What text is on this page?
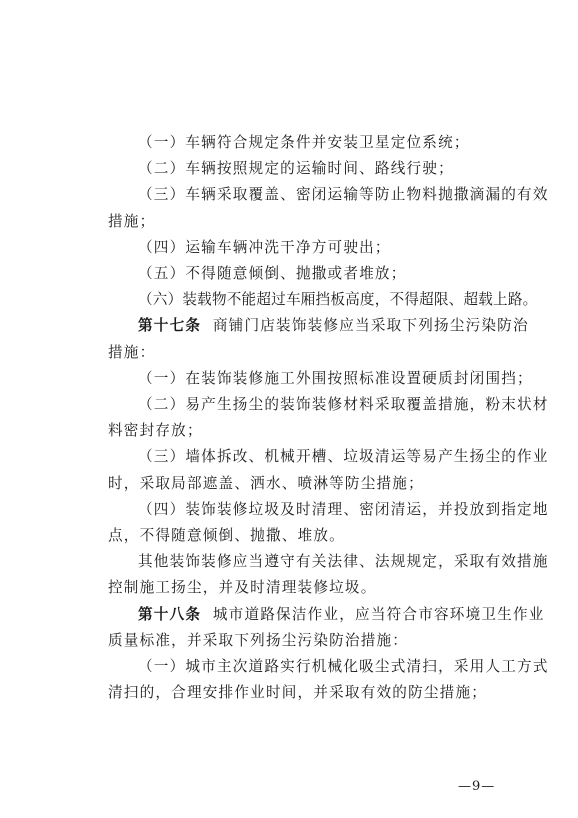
—9—
（一）车辆符合规定条件并安装卫星定位系统；
（二）车辆按照规定的运输时间、路线行驶；
（三）车辆采取覆盖、密闭运输等防止物料抛撒滴漏的有效
措施；
（四）运输车辆冲洗干净方可驶出；
（五）不得随意倾倒、抛撒或者堆放；
（六）装载物不能超过车厢挡板高度，不得超限、超载上路。
第十七条 商铺门店装饰装修应当采取下列扬尘污染防治
措施：
（一）在装饰装修施工外围按照标准设置硬质封闭围挡；
（二）易产生扬尘的装饰装修材料采取覆盖措施，粉末状材
料密封存放；
（三）墙体拆改、机械开槽、垃圾清运等易产生扬尘的作业
时，采取局部遮盖、洒水、喷淋等防尘措施；
（四）装饰装修垃圾及时清理、密闭清运，并投放到指定地
点，不得随意倾倒、抛撒、堆放。
其他装饰装修应当遵守有关法律、法规规定，采取有效措施
控制施工扬尘，并及时清理装修垃圾。
第十八条 城市道路保洁作业，应当符合市容环境卫生作业
质量标准，并采取下列扬尘污染防治措施：
（一）城市主次道路实行机械化吸尘式清扫，采用人工方式
清扫的，合理安排作业时间，并采取有效的防尘措施；
